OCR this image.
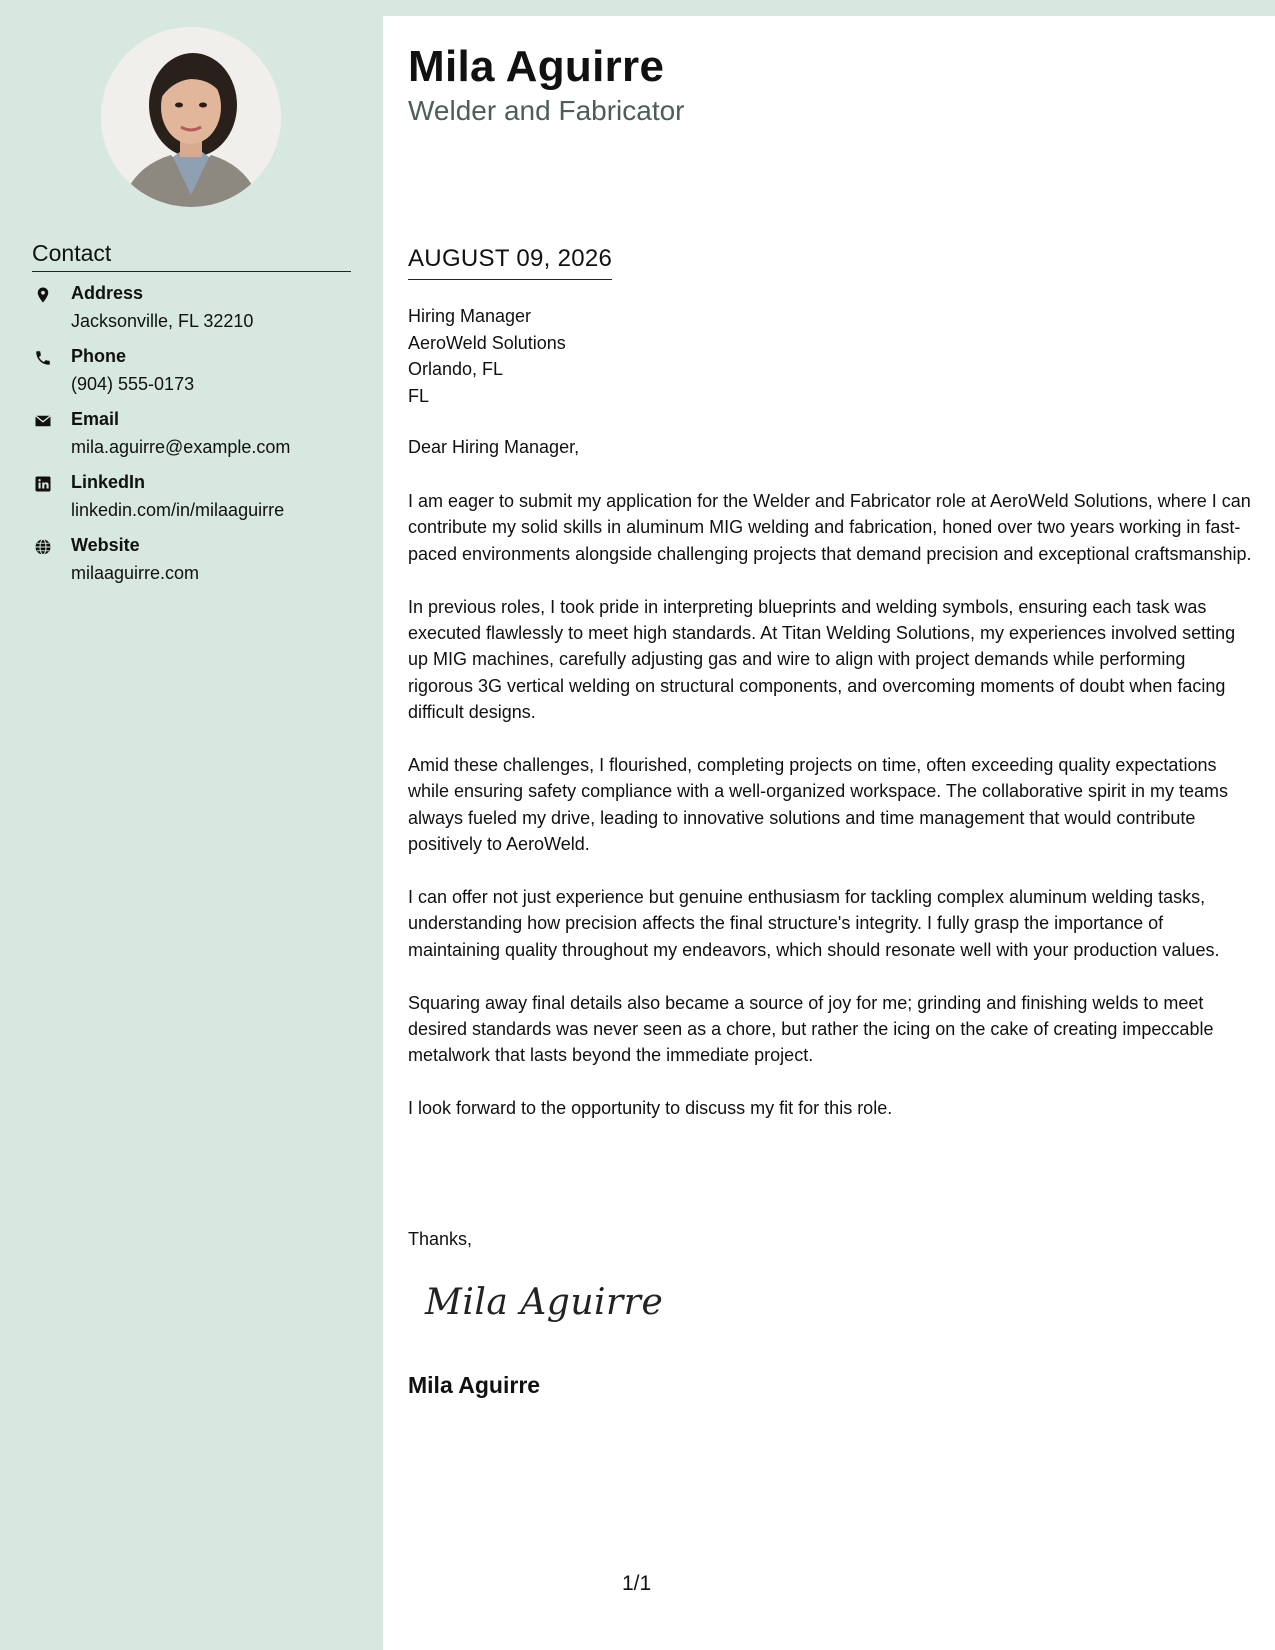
Contact
Address
Jacksonville, FL 32210
Phone
(904) 555-0173
Email
mila.aguirre@example.com
LinkedIn
linkedin.com/in/milaaguirre
Website
milaaguirre.com
Mila Aguirre
Welder and Fabricator
AUGUST 09, 2026
Hiring Manager
AeroWeld Solutions
Orlando, FL
FL
Dear Hiring Manager,

I am eager to submit my application for the Welder and Fabricator role at AeroWeld Solutions, where I can contribute my solid skills in aluminum MIG welding and fabrication, honed over two years working in fast-paced environments alongside challenging projects that demand precision and exceptional craftsmanship.

In previous roles, I took pride in interpreting blueprints and welding symbols, ensuring each task was executed flawlessly to meet high standards. At Titan Welding Solutions, my experiences involved setting up MIG machines, carefully adjusting gas and wire to align with project demands while performing rigorous 3G vertical welding on structural components, and overcoming moments of doubt when facing difficult designs.

Amid these challenges, I flourished, completing projects on time, often exceeding quality expectations while ensuring safety compliance with a well-organized workspace. The collaborative spirit in my teams always fueled my drive, leading to innovative solutions and time management that would contribute positively to AeroWeld.

I can offer not just experience but genuine enthusiasm for tackling complex aluminum welding tasks, understanding how precision affects the final structure's integrity. I fully grasp the importance of maintaining quality throughout my endeavors, which should resonate well with your production values.

Squaring away final details also became a source of joy for me; grinding and finishing welds to meet desired standards was never seen as a chore, but rather the icing on the cake of creating impeccable metalwork that lasts beyond the immediate project.

I look forward to the opportunity to discuss my fit for this role.

Thanks,
Mila Aguirre
Mila Aguirre
1/1
